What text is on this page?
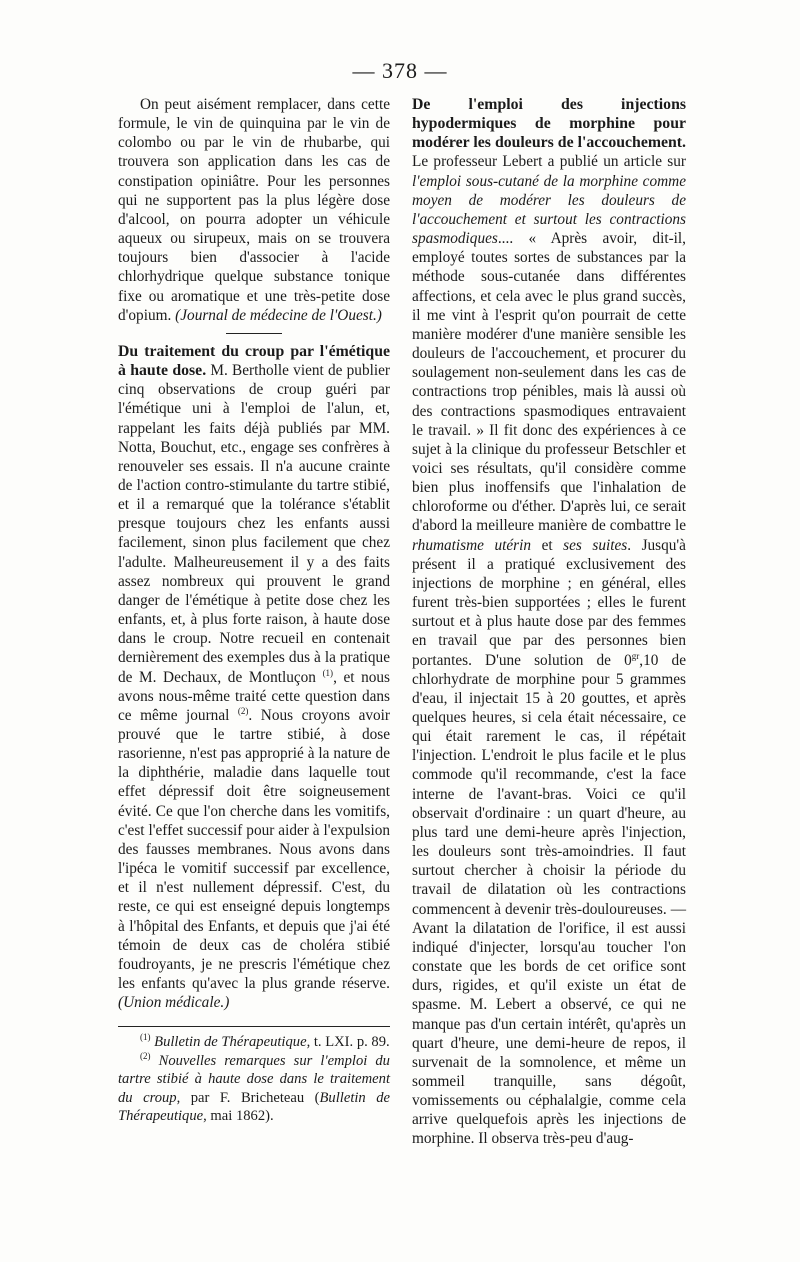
— 378 —

On peut aisément remplacer, dans cette formule, le vin de quinquina par le vin de colombo ou par le vin de rhubarbe, qui trouvera son application dans les cas de constipation opiniâtre. Pour les personnes qui ne supportent pas la plus légère dose d'alcool, on pourra adopter un véhicule aqueux ou sirupeux, mais on se trouvera toujours bien d'associer à l'acide chlorhydrique quelque substance tonique fixe ou aromatique et une très-petite dose d'opium. (Journal de médecine de l'Ouest.)

Du traitement du croup par l'émétique à haute dose. M. Bertholle vient de publier cinq observations de croup guéri par l'émétique uni à l'emploi de l'alun, et, rappelant les faits déjà publiés par MM. Notta, Bouchut, etc., engage ses confrères à renouveler ses essais. Il n'a aucune crainte de l'action contro-stimulante du tartre stibié, et il a remarqué que la tolérance s'établit presque toujours chez les enfants aussi facilement, sinon plus facilement que chez l'adulte. Malheureusement il y a des faits assez nombreux qui prouvent le grand danger de l'émétique à petite dose chez les enfants, et, à plus forte raison, à haute dose dans le croup. Notre recueil en contenait dernièrement des exemples dus à la pratique de M. Dechaux, de Montluçon $^{(1)}$, et nous avons nous-même traité cette question dans ce même journal $^{(2)}$. Nous croyons avoir prouvé que le tartre stibié, à dose rasorienne, n'est pas approprié à la nature de la diphthérie, maladie dans laquelle tout effet dépressif doit être soigneusement évité. Ce que l'on cherche dans les vomitifs, c'est l'effet successif pour aider à l'expulsion des fausses membranes. Nous avons dans l'ipéca le vomitif successif par excellence, et il n'est nullement dépressif. C'est, du reste, ce qui est enseigné depuis longtemps à l'hôpital des Enfants, et depuis que j'ai été témoin de deux cas de choléra stibié foudroyants, je ne prescris l'émétique chez les enfants qu'avec la plus grande réserve. (Union médicale.)

$^{(1)}$ Bulletin de Thérapeutique, t. LXI. p. 89.

$^{(2)}$ Nouvelles remarques sur l'emploi du tartre stibié à haute dose dans le traitement du croup, par F. Bricheteau (Bulletin de Thérapeutique, mai 1862).

De l'emploi des injections hypodermiques de morphine pour modérer les douleurs de l'accouchement. Le professeur Lebert a publié un article sur l'emploi sous-cutané de la morphine comme moyen de modérer les douleurs de l'accouchement et surtout les contractions spasmodiques.... « Après avoir, dit-il, employé toutes sortes de substances par la méthode sous-cutanée dans différentes affections, et cela avec le plus grand succès, il me vint à l'esprit qu'on pourrait de cette manière modérer d'une manière sensible les douleurs de l'accouchement, et procurer du soulagement non-seulement dans les cas de contractions trop pénibles, mais là aussi où des contractions spasmodiques entravaient le travail. » Il fit donc des expériences à ce sujet à la clinique du professeur Betschler et voici ses résultats, qu'il considère comme bien plus inoffensifs que l'inhalation de chloroforme ou d'éther. D'après lui, ce serait d'abord la meilleure manière de combattre le rhumatisme utérin et ses suites. Jusqu'à présent il a pratiqué exclusivement des injections de morphine ; en général, elles furent très-bien supportées ; elles le furent surtout et à plus haute dose par des femmes en travail que par des personnes bien portantes. D'une solution de $0^{gr},10$ de chlorhydrate de morphine pour 5 grammes d'eau, il injectait 15 à 20 gouttes, et après quelques heures, si cela était nécessaire, ce qui était rarement le cas, il répétait l'injection. L'endroit le plus facile et le plus commode qu'il recommande, c'est la face interne de l'avant-bras. Voici ce qu'il observait d'ordinaire : un quart d'heure, au plus tard une demi-heure après l'injection, les douleurs sont très-amoindries. Il faut surtout chercher à choisir la période du travail de dilatation où les contractions commencent à devenir très-douloureuses. — Avant la dilatation de l'orifice, il est aussi indiqué d'injecter, lorsqu'au toucher l'on constate que les bords de cet orifice sont durs, rigides, et qu'il existe un état de spasme. M. Lebert a observé, ce qui ne manque pas d'un certain intérêt, qu'après un quart d'heure, une demi-heure de repos, il survenait de la somnolence, et même un sommeil tranquille, sans dégoût, vomissements ou céphalalgie, comme cela arrive quelquefois après les injections de morphine. Il observa très-peu d'aug-
